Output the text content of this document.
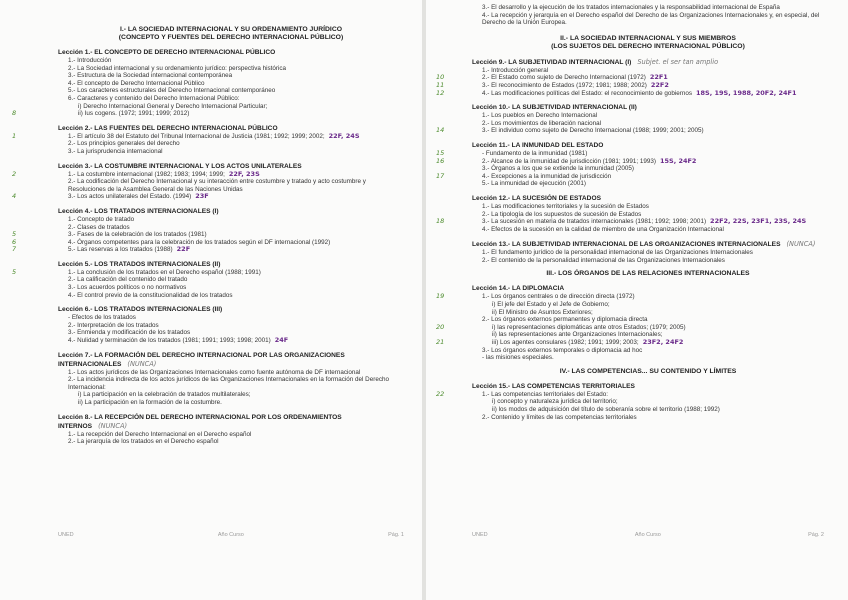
I.- LA SOCIEDAD INTERNACIONAL Y SU ORDENAMIENTO JURÍDICO
(CONCEPTO Y FUENTES DEL DERECHO INTERNACIONAL PÚBLICO)
Lección 1.- EL CONCEPTO DE DERECHO INTERNACIONAL PÚBLICO
1.- Introducción
2.- La Sociedad internacional y su ordenamiento jurídico: perspectiva histórica
3.- Estructura de la Sociedad internacional contemporánea
4.- El concepto de Derecho Internacional Público
5.- Los caracteres estructurales del Derecho Internacional contemporáneo
6.- Caracteres y contenido del Derecho Internacional Público:
i) Derecho Internacional General y Derecho Internacional Particular;
8	ii) Ius cogens. (1972; 1991; 1999; 2012)
Lección 2.- LAS FUENTES DEL DERECHO INTERNACIONAL PÚBLICO
1	1.- El artículo 38 del Estatuto del Tribunal Internacional de Justicia (1981; 1992; 1999; 2002; 22F, 24S
2.- Los principios generales del derecho
3.- La jurisprudencia internacional
Lección 3.- LA COSTUMBRE INTERNACIONAL Y LOS ACTOS UNILATERALES
2	1.- La costumbre internacional (1982; 1983; 1994; 1999; 22F, 23S
2.- La codificación del Derecho Internacional y su interacción entre costumbre y tratado y acto costumbre y Resoluciones de la Asamblea General de las Naciones Unidas
4	3.- Los actos unilaterales del Estado. (1994) 23F
Lección 4.- LOS TRATADOS INTERNACIONALES (I)
1.- Concepto de tratado
2.- Clases de tratados
5	3.- Fases de la celebración de los tratados (1981)
6	4.- Órganos competentes para la celebración de los tratados según el DF internacional (1992)
7	5.- Las reservas a los tratados (1988) 22F
Lección 5.- LOS TRATADOS INTERNACIONALES (II)
5	1.- La conclusión de los tratados en el Derecho español (1988; 1991)
2.- La calificación del contenido del tratado
3.- Los acuerdos políticos o no normativos
4.- El control previo de la constitucionalidad de los tratados
Lección 6.- LOS TRATADOS INTERNACIONALES (III)
- Efectos de los tratados
2.- Interpretación de los tratados
3.- Enmienda y modificación de los tratados
4.- Nulidad y terminación de los tratados (1981; 1991; 1993; 1998; 2001) 24F
Lección 7.- LA FORMACIÓN DEL DERECHO INTERNACIONAL POR LAS ORGANIZACIONES INTERNACIONALES (NUNCA)
1.- Los actos jurídicos de las Organizaciones Internacionales como fuente autónoma de DF internacional
2.- La incidencia indirecta de los actos jurídicos de las Organizaciones Internacionales en la formación del Derecho Internacional:
i) La participación en la celebración de tratados multilaterales;
ii) La participación en la formación de la costumbre.
Lección 8.- LA RECEPCIÓN DEL DERECHO INTERNACIONAL POR LOS ORDENAMIENTOS INTERNOS (NUNCA)
1.- La recepción del Derecho Internacional en el Derecho español
2.- La jerarquía de los tratados en el Derecho español
UNED	Año Curso	Pág. 1
3.- El desarrollo y la ejecución de los tratados internacionales y la responsabilidad internacional de España
4.- La recepción y jerarquía en el Derecho español del Derecho de las Organizaciones Internacionales y, en especial, del Derecho de la Unión Europea.
II.- LA SOCIEDAD INTERNACIONAL Y SUS MIEMBROS
(LOS SUJETOS DEL DERECHO INTERNACIONAL PÚBLICO)
Lección 9.- LA SUBJETIVIDAD INTERNACIONAL (I) Subjet. el ser tan amplio
1.- Introducción general
10	2.- El Estado como sujeto de Derecho Internacional (1972) 22F1
11	3.- El reconocimiento de Estados (1972; 1981; 1988; 2002) 22F2
12	4.- Las modificaciones políticas del Estado: el reconocimiento de gobiernos 18S, 19S, 1988, 20F2, 24F1
Lección 10.- LA SUBJETIVIDAD INTERNACIONAL (II)
1.- Los pueblos en Derecho Internacional
2.- Los movimientos de liberación nacional
14	3.- El individuo como sujeto de Derecho Internacional (1988; 1999; 2001; 2005)
Lección 11.- LA INMUNIDAD DEL ESTADO
15	- Fundamento de la inmunidad (1981)
16	2.- Alcance de la inmunidad de jurisdicción (1981; 1991; 1993) 15S, 24F2
3.- Órganos a los que se extiende la inmunidad (2005)
17	4.- Excepciones a la inmunidad de jurisdicción
5.- La inmunidad de ejecución (2001)
Lección 12.- LA SUCESIÓN DE ESTADOS
1.- Las modificaciones territoriales y la sucesión de Estados
2.- La tipología de los supuestos de sucesión de Estados
18	3.- La sucesión en materia de tratados internacionales (1981; 1992; 1998; 2001) 22F2, 22S, 23F1, 23S, 24S
4.- Efectos de la sucesión en la calidad de miembro de una Organización Internacional
Lección 13.- LA SUBJETIVIDAD INTERNACIONAL DE LAS ORGANIZACIONES INTERNACIONALES (NUNCA)
1.- El fundamento jurídico de la personalidad internacional de las Organizaciones Internacionales
2.- El contenido de la personalidad internacional de las Organizaciones Internacionales
III.- LOS ÓRGANOS DE LAS RELACIONES INTERNACIONALES
Lección 14.- LA DIPLOMACIA
19	1.- Los órganos centrales o de dirección directa (1972)
i) El jefe del Estado y el Jefe de Gobierno;
ii) El Ministro de Asuntos Exteriores;
2.- Los órganos externos permanentes y diplomacia directa
20	i) las representaciones diplomáticas ante otros Estados; (1979; 2005)
ii) las representaciones ante Organizaciones Internacionales;
21	iii) Los agentes consulares (1982; 1991; 1999; 2003; 23F2, 24F2
3.- Los órganos externos temporales o diplomacia ad hoc
- las misiones especiales.
IV.- LAS COMPETENCIAS... SU CONTENIDO Y LÍMITES
Lección 15.- LAS COMPETENCIAS TERRITORIALES
22	1.- Las competencias territoriales del Estado:
i) concepto y naturaleza jurídica del territorio;
ii) los modos de adquisición del título de soberanía sobre el territorio (1988; 1992)
2.- Contenido y límites de las competencias territoriales
UNED	Año Curso	Pág. 2
